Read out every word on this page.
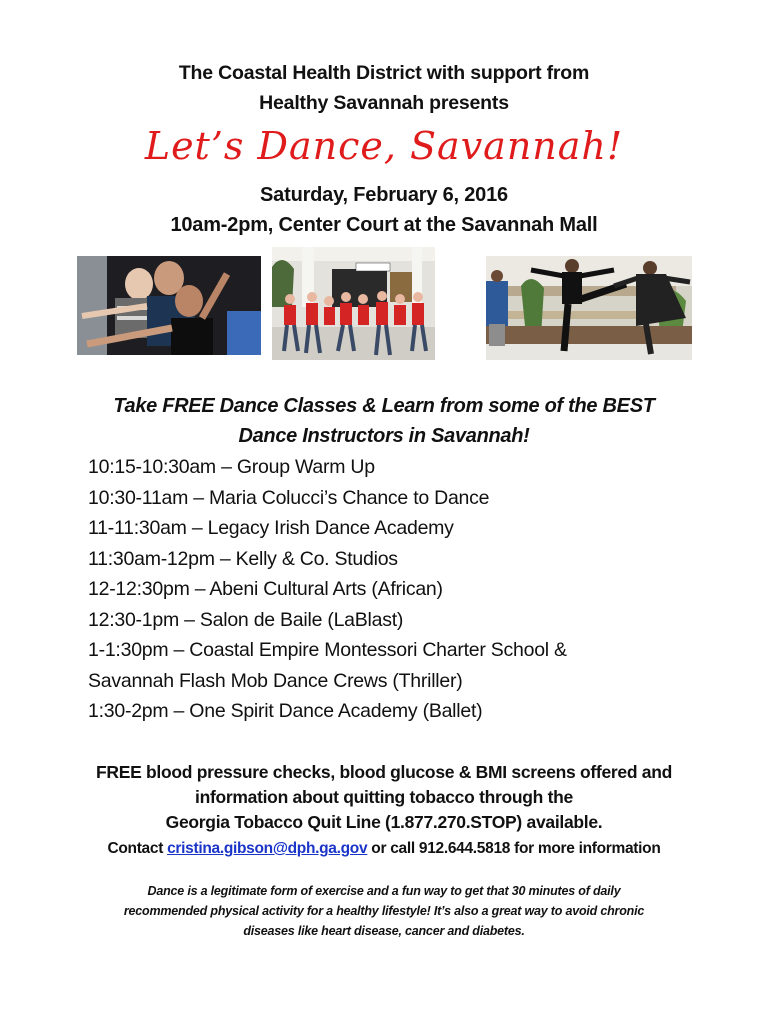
The Coastal Health District with support from
Healthy Savannah presents
Let’s Dance, Savannah!
Saturday, February 6, 2016
10am-2pm, Center Court at the Savannah Mall
Take FREE Dance Classes & Learn from some of the BEST
Dance Instructors in Savannah!
10:15-10:30am – Group Warm Up
10:30-11am – Maria Colucci’s Chance to Dance
11-11:30am – Legacy Irish Dance Academy
11:30am-12pm – Kelly & Co. Studios
12-12:30pm – Abeni Cultural Arts (African)
12:30-1pm – Salon de Baile (LaBlast)
1-1:30pm – Coastal Empire Montessori Charter School &
Savannah Flash Mob Dance Crews (Thriller)
1:30-2pm – One Spirit Dance Academy (Ballet)
FREE blood pressure checks, blood glucose & BMI screens offered and
information about quitting tobacco through the
Georgia Tobacco Quit Line (1.877.270.STOP) available.
Contact cristina.gibson@dph.ga.gov or call 912.644.5818 for more information
Dance is a legitimate form of exercise and a fun way to get that 30 minutes of daily
recommended physical activity for a healthy lifestyle! It’s also a great way to avoid chronic
diseases like heart disease, cancer and diabetes.
